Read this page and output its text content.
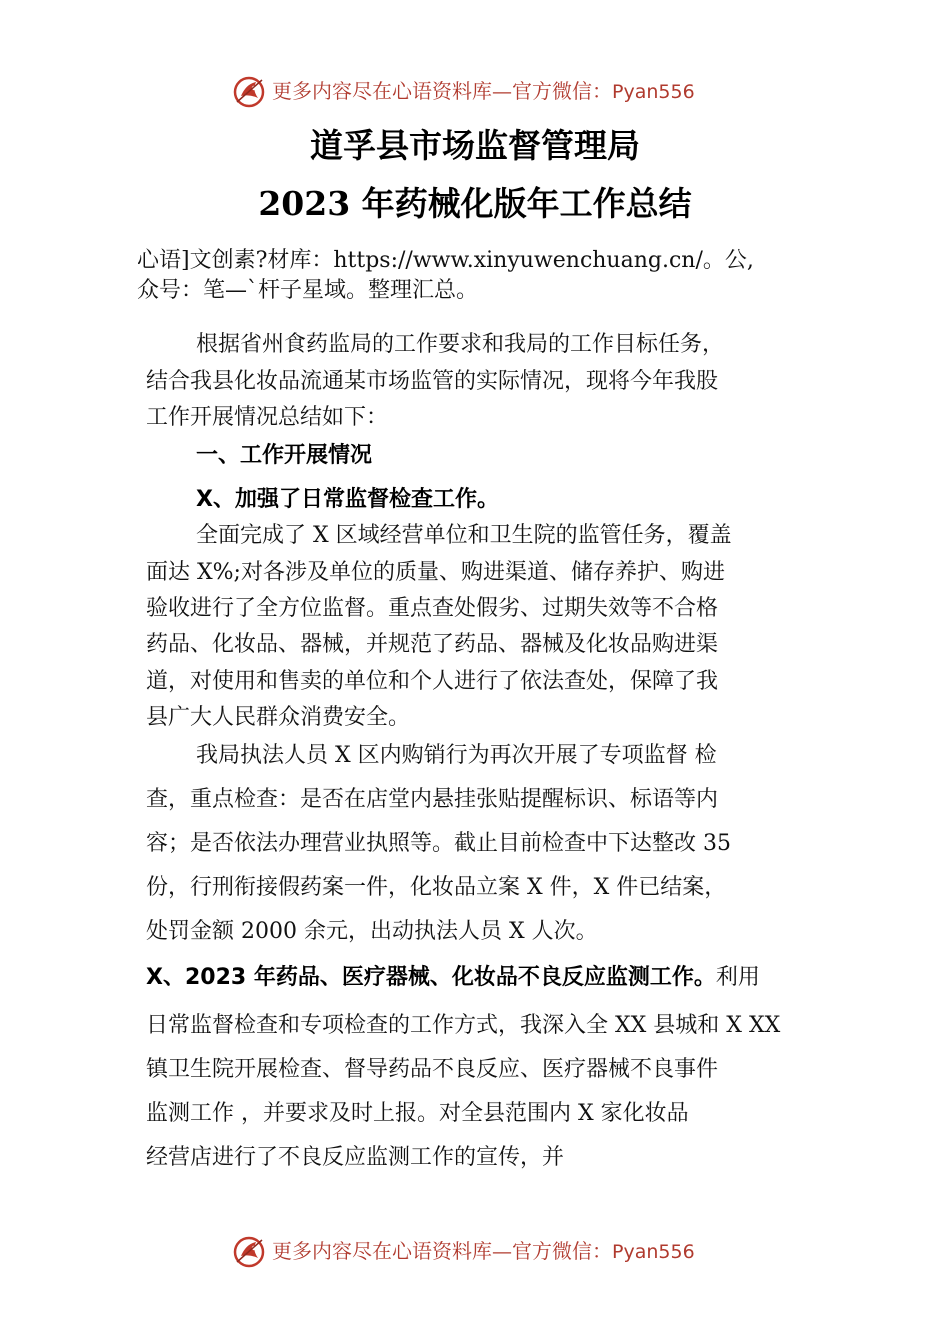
更多内容尽在心语资料库—官方微信：Pyan556
道孚县市场监督管理局
2023 年药械化版年工作总结
心语]文创素?材库：https://www.xinyuwenchuang.cn/。公,
众号：笔—`杆子星域。整理汇总。
根据省州食药监局的工作要求和我局的工作目标任务，
结合我县化妆品流通某市场监管的实际情况，现将今年我股
工作开展情况总结如下：
一、工作开展情况
X、加强了日常监督检查工作。
全面完成了 X 区域经营单位和卫生院的监管任务，覆盖
面达 X%;对各涉及单位的质量、购进渠道、储存养护、购进
验收进行了全方位监督。重点查处假劣、过期失效等不合格
药品、化妆品、器械，并规范了药品、器械及化妆品购进渠
道，对使用和售卖的单位和个人进行了依法查处，保障了我
县广大人民群众消费安全。
我局执法人员 X 区内购销行为再次开展了专项监督 检
查，重点检查：是否在店堂内悬挂张贴提醒标识、标语等内
容；是否依法办理营业执照等。截止目前检查中下达整改 35
份，行刑衔接假药案一件，化妆品立案 X 件，X 件已结案，
处罚金额 2000 余元，出动执法人员 X 人次。
X、2023 年药品、医疗器械、化妆品不良反应监测工作。利用
日常监督检查和专项检查的工作方式，我深入全 XX 县城和 X XX
镇卫生院开展检查、督导药品不良反应、医疗器械不良事件
监测工作 ，并要求及时上报。对全县范围内 X 家化妆品
经营店进行了不良反应监测工作的宣传，并
更多内容尽在心语资料库—官方微信：Pyan556
